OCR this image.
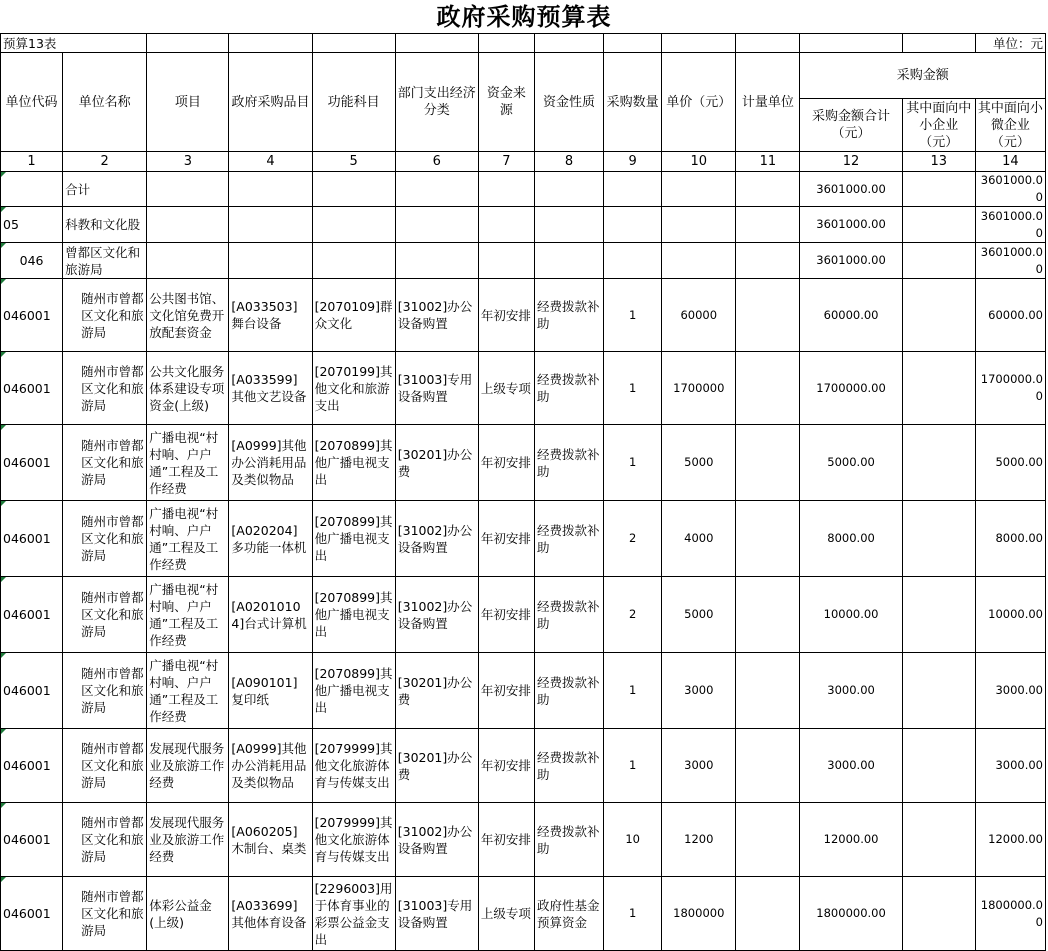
政府采购预算表
预算13表													单位：元
单位代码	单位名称	项目	政府采购品目	功能科目	部门支出经济分类	资金来源	资金性质	采购数量	单价（元）	计量单位	采购金额		
											采购金额合计（元）	其中面向中小企业（元）	其中面向小微企业（元）
1	2	3	4	5	6	7	8	9	10	11	12	13	14
	合计										3601000.00		3601000.00
05	科教和文化股										3601000.00		3601000.00
046	曾都区文化和旅游局										3601000.00		3601000.00
046001	随州市曾都区文化和旅游局	公共图书馆、文化馆免费开放配套资金	[A033503]舞台设备	[2070109]群众文化	[31002]办公设备购置	年初安排	经费拨款补助	1	60000		60000.00		60000.00
046001	随州市曾都区文化和旅游局	公共文化服务体系建设专项资金(上级)	[A033599]其他文艺设备	[2070199]其他文化和旅游支出	[31003]专用设备购置	上级专项	经费拨款补助	1	1700000		1700000.00		1700000.00
046001	随州市曾都区文化和旅游局	广播电视“村村响、户户通”工程及工作经费	[A0999]其他办公消耗用品及类似物品	[2070899]其他广播电视支出	[30201]办公费	年初安排	经费拨款补助	1	5000		5000.00		5000.00
046001	随州市曾都区文化和旅游局	广播电视“村村响、户户通”工程及工作经费	[A020204]多功能一体机	[2070899]其他广播电视支出	[31002]办公设备购置	年初安排	经费拨款补助	2	4000		8000.00		8000.00
046001	随州市曾都区文化和旅游局	广播电视“村村响、户户通”工程及工作经费	[A02010104]台式计算机	[2070899]其他广播电视支出	[31002]办公设备购置	年初安排	经费拨款补助	2	5000		10000.00		10000.00
046001	随州市曾都区文化和旅游局	广播电视“村村响、户户通”工程及工作经费	[A090101]复印纸	[2070899]其他广播电视支出	[30201]办公费	年初安排	经费拨款补助	1	3000		3000.00		3000.00
046001	随州市曾都区文化和旅游局	发展现代服务业及旅游工作经费	[A0999]其他办公消耗用品及类似物品	[2079999]其他文化旅游体育与传媒支出	[30201]办公费	年初安排	经费拨款补助	1	3000		3000.00		3000.00
046001	随州市曾都区文化和旅游局	发展现代服务业及旅游工作经费	[A060205]木制台、桌类	[2079999]其他文化旅游体育与传媒支出	[31002]办公设备购置	年初安排	经费拨款补助	10	1200		12000.00		12000.00
046001	随州市曾都区文化和旅游局	体彩公益金(上级)	[A033699]其他体育设备	[2296003]用于体育事业的彩票公益金支出	[31003]专用设备购置	上级专项	政府性基金预算资金	1	1800000		1800000.00		1800000.00
